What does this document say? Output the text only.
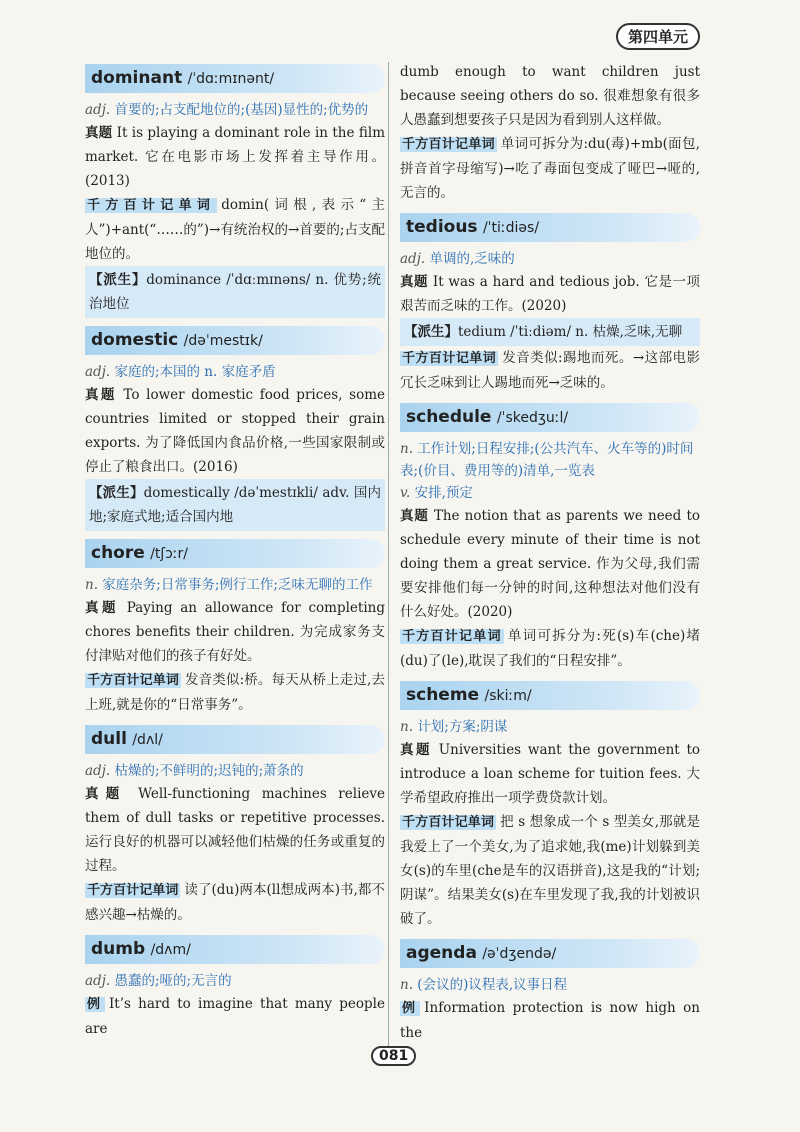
第四单元
dominant /ˈdɑːmɪnənt/
adj. 首要的;占支配地位的;(基因)显性的;优势的
真题 It is playing a dominant role in the film market. 它在电影市场上发挥着主导作用。(2013)
千方百计记单词 domin(词根,表示“主人”)+ant(“……的”)→有统治权的→首要的;占支配地位的。
【派生】dominance /ˈdɑːmɪnəns/ n. 优势;统治地位
domestic /dəˈmestɪk/
adj. 家庭的;本国的 n. 家庭矛盾
真题 To lower domestic food prices, some countries limited or stopped their grain exports. 为了降低国内食品价格,一些国家限制或停止了粮食出口。(2016)
【派生】domestically /dəˈmestɪkli/ adv. 国内地;家庭式地;适合国内地
chore /tʃɔːr/
n. 家庭杂务;日常事务;例行工作;乏味无聊的工作
真题 Paying an allowance for completing chores benefits their children. 为完成家务支付津贴对他们的孩子有好处。
千方百计记单词 发音类似:桥。每天从桥上走过,去上班,就是你的“日常事务”。
dull /dʌl/
adj. 枯燥的;不鲜明的;迟钝的;萧条的
真题 Well-functioning machines relieve them of dull tasks or repetitive processes. 运行良好的机器可以减轻他们枯燥的任务或重复的过程。
千方百计记单词 读了(du)两本(ll想成两本)书,都不感兴趣→枯燥的。
dumb /dʌm/
adj. 愚蠢的;哑的;无言的
例 It’s hard to imagine that many people are
dumb enough to want children just because seeing others do so. 很难想象有很多人愚蠢到想要孩子只是因为看到别人这样做。
千方百计记单词 单词可拆分为:du(毒)+mb(面包,拼音首字母缩写)→吃了毒面包变成了哑巴→哑的,无言的。
tedious /ˈtiːdiəs/
adj. 单调的,乏味的
真题 It was a hard and tedious job. 它是一项艰苦而乏味的工作。(2020)
【派生】tedium /ˈtiːdiəm/ n. 枯燥,乏味,无聊
千方百计记单词 发音类似:踢地而死。→这部电影冗长乏味到让人踢地而死→乏味的。
schedule /ˈskedʒuːl/
n. 工作计划;日程安排;(公共汽车、火车等的)时间表;(价目、费用等的)清单,一览表
v. 安排,预定
真题 The notion that as parents we need to schedule every minute of their time is not doing them a great service. 作为父母,我们需要安排他们每一分钟的时间,这种想法对他们没有什么好处。(2020)
千方百计记单词 单词可拆分为:死(s)车(che)堵(du)了(le),耽误了我们的“日程安排”。
scheme /skiːm/
n. 计划;方案;阴谋
真题 Universities want the government to introduce a loan scheme for tuition fees. 大学希望政府推出一项学费贷款计划。
千方百计记单词 把 s 想象成一个 s 型美女,那就是我爱上了一个美女,为了追求她,我(me)计划躲到美女(s)的车里(che是车的汉语拼音),这是我的“计划;阴谋”。结果美女(s)在车里发现了我,我的计划被识破了。
agenda /əˈdʒendə/
n. (会议的)议程表,议事日程
例 Information protection is now high on the
081
